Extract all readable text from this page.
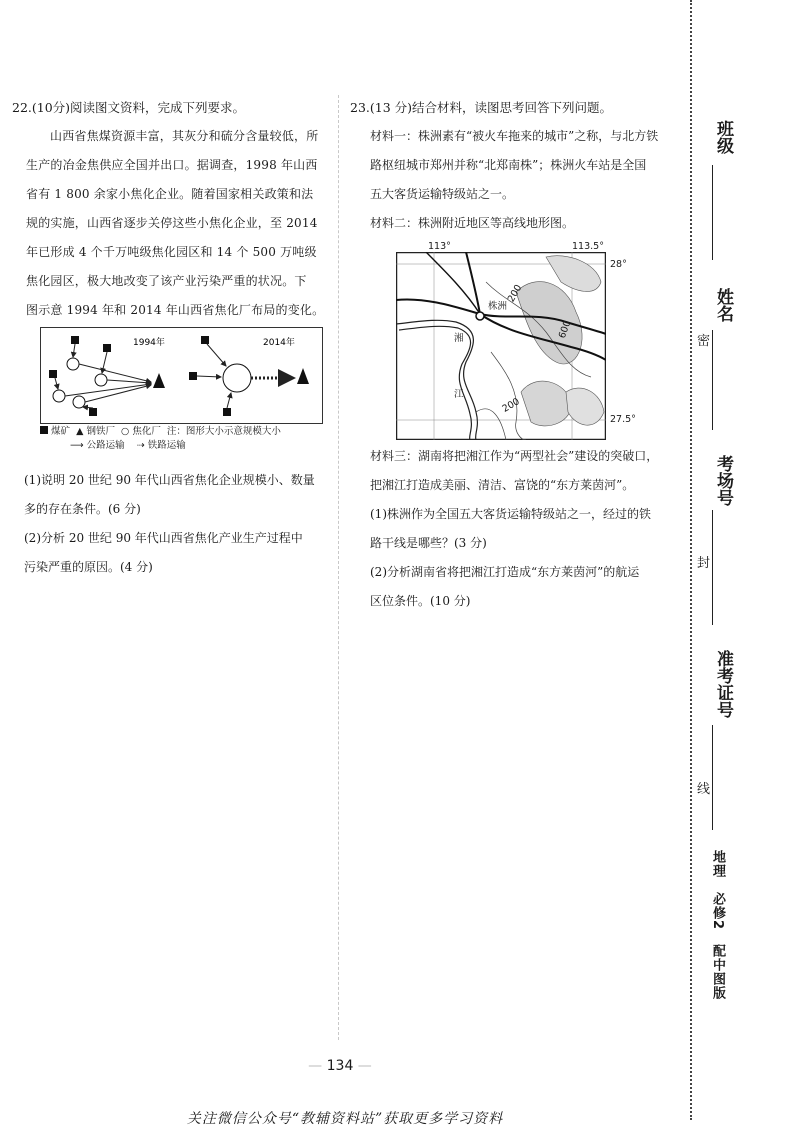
22.(10分)阅读图文资料，完成下列要求。
山西省焦煤资源丰富，其灰分和硫分含量较低，所
生产的冶金焦供应全国并出口。据调查，1998 年山西
省有 1 800 余家小焦化企业。随着国家相关政策和法
规的实施，山西省逐步关停这些小焦化企业，至 2014
年已形成 4 个千万吨级焦化园区和 14 个 500 万吨级
焦化园区，极大地改变了该产业污染严重的状况。下
图示意 1994 年和 2014 年山西省焦化厂布局的变化。
1994年	2014年
煤矿 ▲ 钢铁厂 ○ 焦化厂 注：图形大小示意规模大小
⟶ 公路运输 ⇢ 铁路运输
(1)说明 20 世纪 90 年代山西省焦化企业规模小、数量
多的存在条件。(6 分)
(2)分析 20 世纪 90 年代山西省焦化产业生产过程中
污染严重的原因。(4 分)
23.(13 分)结合材料，读图思考回答下列问题。
材料一：株洲素有“被火车拖来的城市”之称，与北方铁
路枢纽城市郑州并称“北郑南株”；株洲火车站是全国
五大客货运输特级站之一。
材料二：株洲附近地区等高线地形图。
113°	113.5°
28°
27.5°
株洲
湘
江
200
600
200
材料三：湖南将把湘江作为“两型社会”建设的突破口，
把湘江打造成美丽、清洁、富饶的“东方莱茵河”。
(1)株洲作为全国五大客货运输特级站之一，经过的铁
路干线是哪些？(3 分)
(2)分析湖南省将把湘江打造成“东方莱茵河”的航运
区位条件。(10 分)
班级
密
姓名
考场号
封
准考证号
线
地理　必修2　配中图版
— 134 —
关注微信公众号“教辅资料站”获取更多学习资料
